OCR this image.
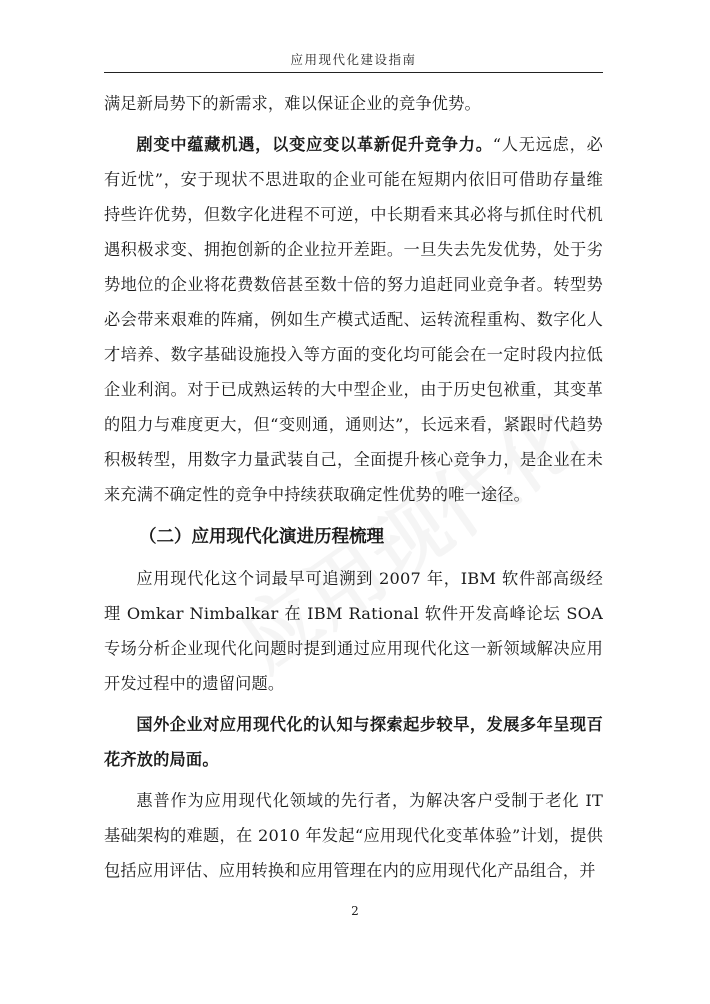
应用现代化建设指南

满足新局势下的新需求，难以保证企业的竞争优势。

剧变中蕴藏机遇，以变应变以革新促升竞争力。“人无远虑，必有近忧”，安于现状不思进取的企业可能在短期内依旧可借助存量维持些许优势，但数字化进程不可逆，中长期看来其必将与抓住时代机遇积极求变、拥抱创新的企业拉开差距。一旦失去先发优势，处于劣势地位的企业将花费数倍甚至数十倍的努力追赶同业竞争者。转型势必会带来艰难的阵痛，例如生产模式适配、运转流程重构、数字化人才培养、数字基础设施投入等方面的变化均可能会在一定时段内拉低企业利润。对于已成熟运转的大中型企业，由于历史包袱重，其变革的阻力与难度更大，但“变则通，通则达”，长远来看，紧跟时代趋势积极转型，用数字力量武装自己，全面提升核心竞争力，是企业在未来充满不确定性的竞争中持续获取确定性优势的唯一途径。

（二）应用现代化演进历程梳理

应用现代化这个词最早可追溯到 2007 年，IBM 软件部高级经理 Omkar Nimbalkar 在 IBM Rational 软件开发高峰论坛 SOA 专场分析企业现代化问题时提到通过应用现代化这一新领域解决应用开发过程中的遗留问题。

国外企业对应用现代化的认知与探索起步较早，发展多年呈现百花齐放的局面。

惠普作为应用现代化领域的先行者，为解决客户受制于老化 IT 基础架构的难题，在 2010 年发起“应用现代化变革体验”计划，提供包括应用评估、应用转换和应用管理在内的应用现代化产品组合，并

2
